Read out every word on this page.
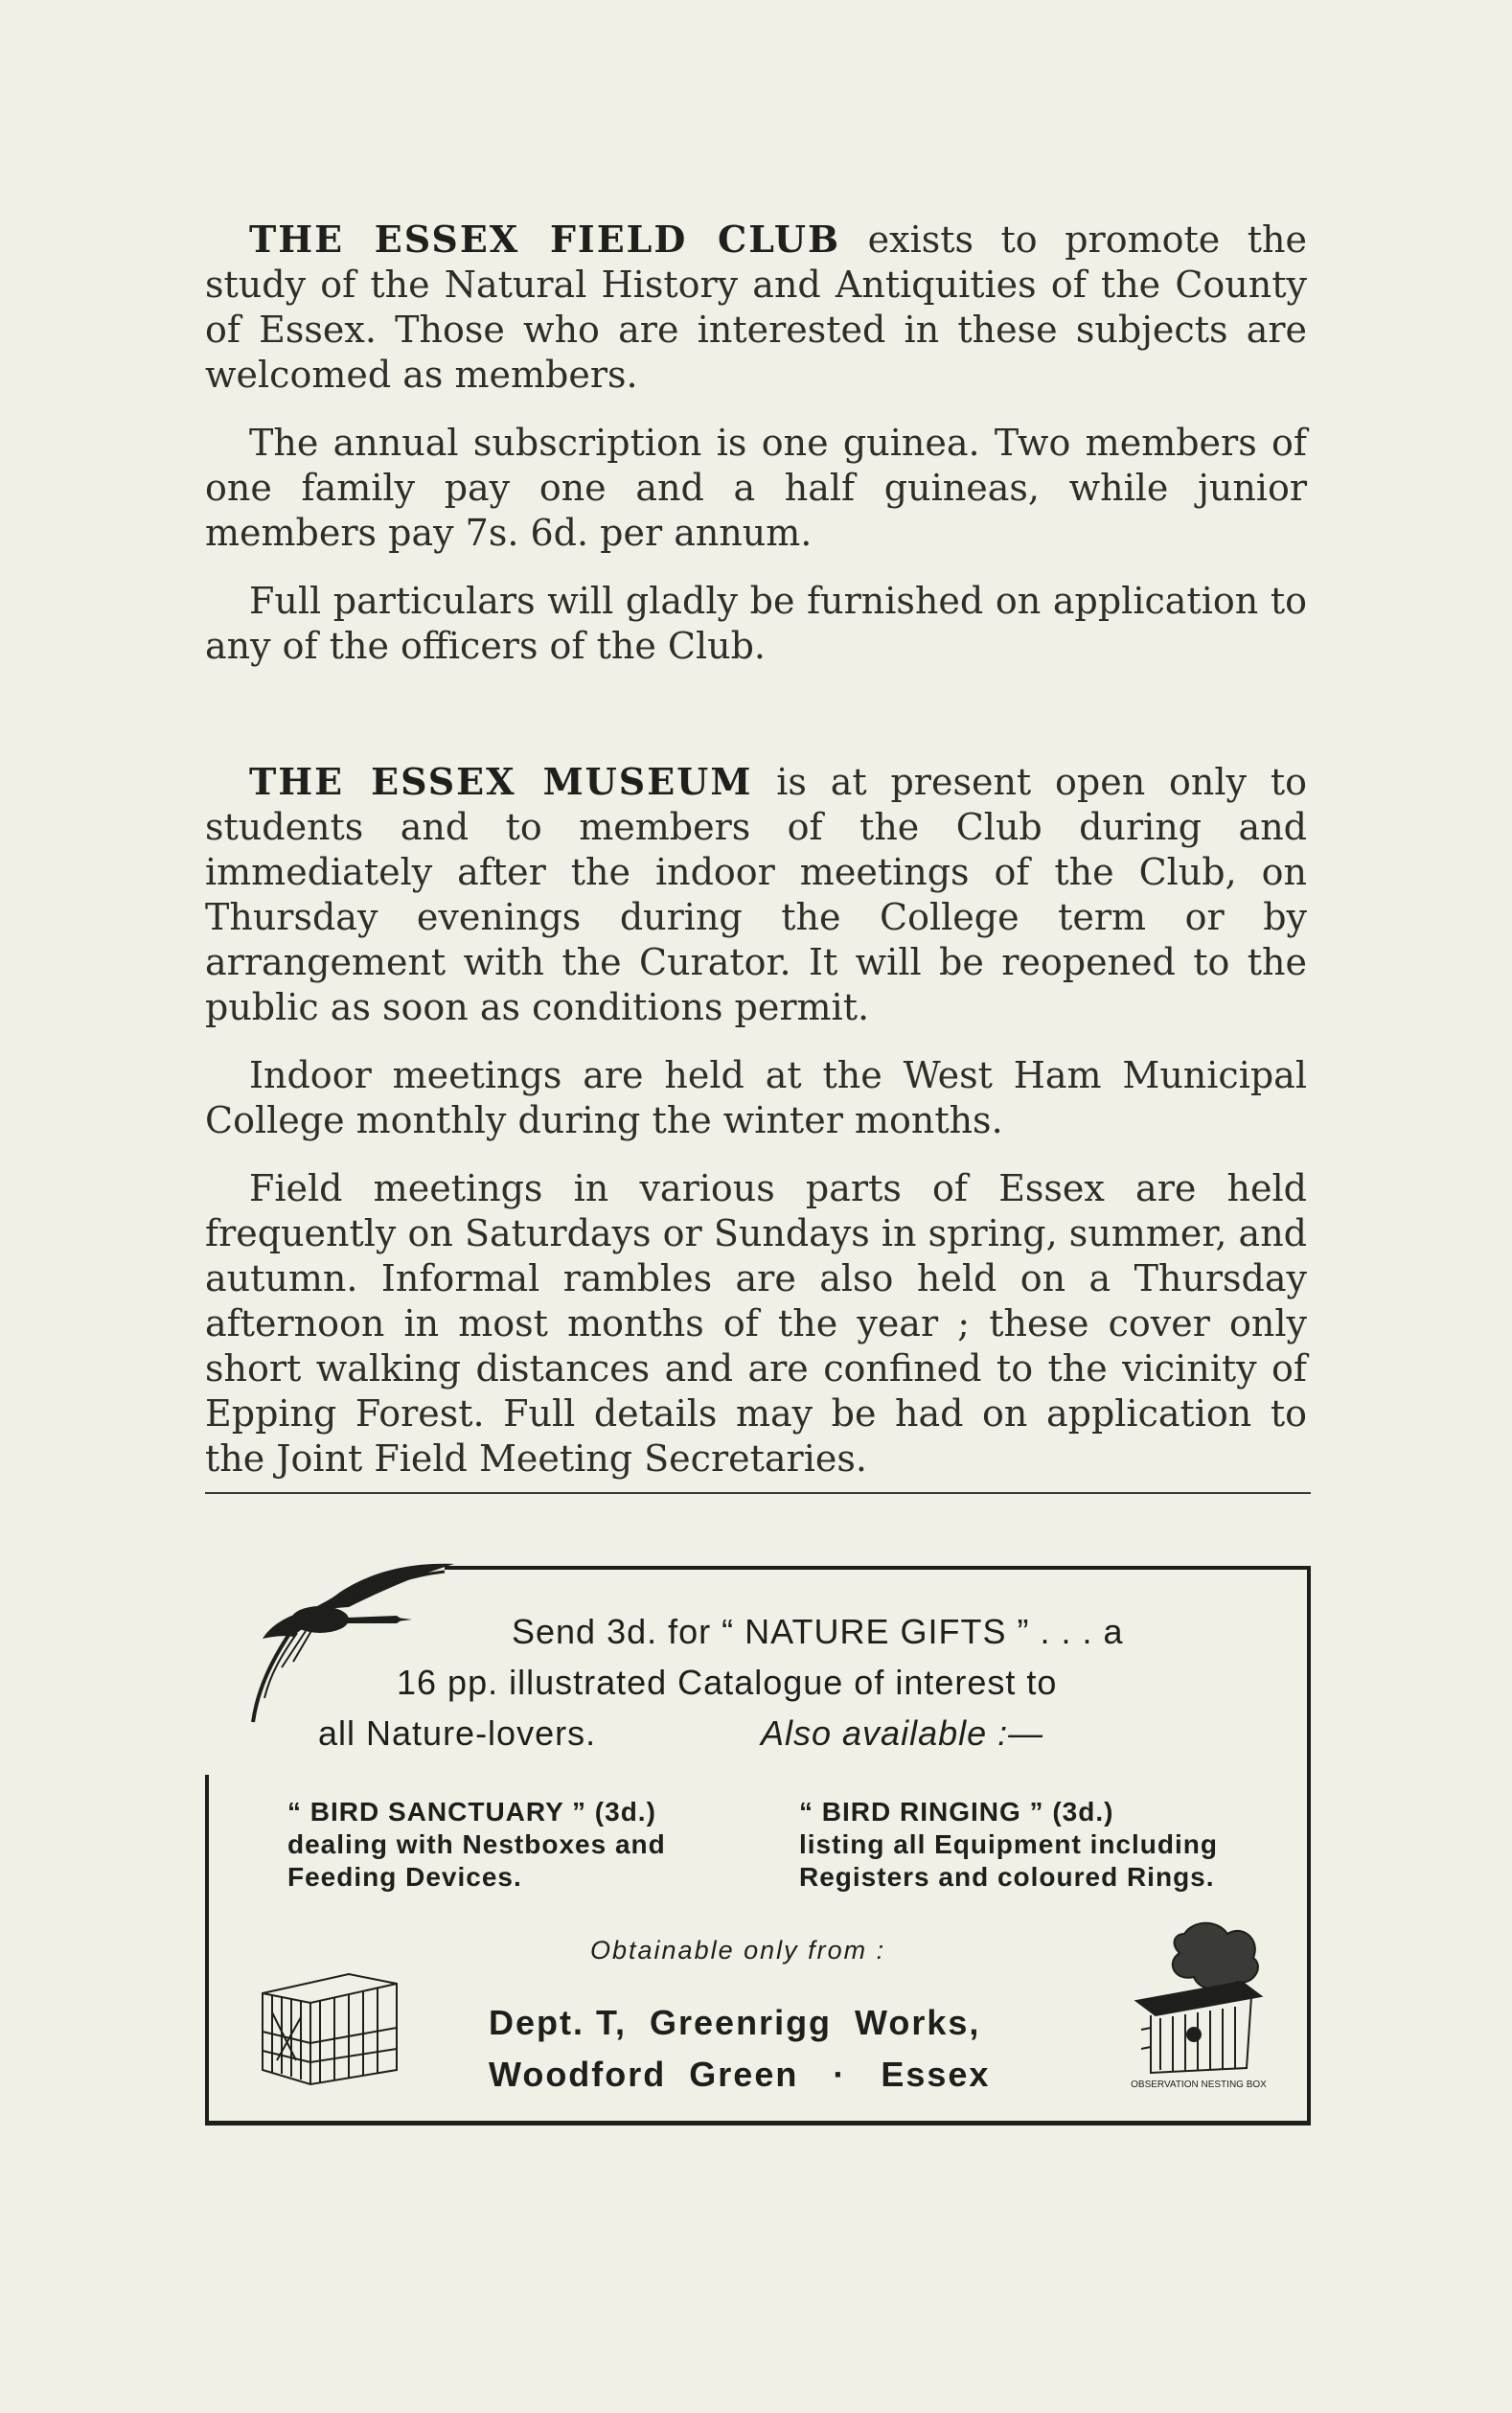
THE ESSEX FIELD CLUB exists to promote the study of the Natural History and Antiquities of the County of Essex. Those who are interested in these subjects are welcomed as members.

The annual subscription is one guinea. Two members of one family pay one and a half guineas, while junior members pay 7s. 6d. per annum.

Full particulars will gladly be furnished on application to any of the officers of the Club.

THE ESSEX MUSEUM is at present open only to students and to members of the Club during and immediately after the indoor meetings of the Club, on Thursday evenings during the College term or by arrangement with the Curator. It will be reopened to the public as soon as conditions permit.

Indoor meetings are held at the West Ham Municipal College monthly during the winter months.

Field meetings in various parts of Essex are held frequently on Saturdays or Sundays in spring, summer, and autumn. Informal rambles are also held on a Thursday afternoon in most months of the year ; these cover only short walking distances and are confined to the vicinity of Epping Forest. Full details may be had on application to the Joint Field Meeting Secretaries.

Send 3d. for “ NATURE GIFTS ” . . . a
16 pp. illustrated Catalogue of interest to
all Nature-lovers.	Also available :—
“ BIRD SANCTUARY ” (3d.)
dealing with Nestboxes and
Feeding Devices.
“ BIRD RINGING ” (3d.)
listing all Equipment including
Registers and coloured Rings.
Obtainable only from :
Dept. T,  Greenrigg  Works,
Woodford  Green   ·   Essex	OBSERVATION NESTING BOX
